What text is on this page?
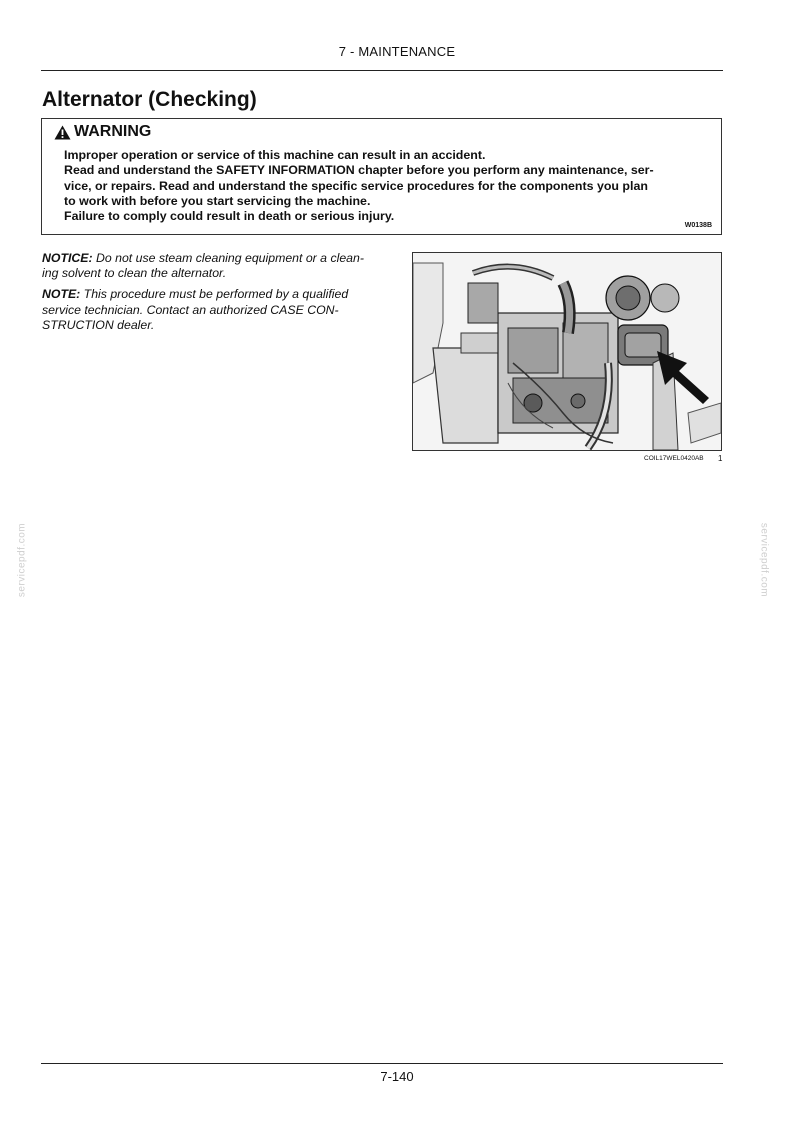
7 - MAINTENANCE
Alternator (Checking)
WARNING
Improper operation or service of this machine can result in an accident.
Read and understand the SAFETY INFORMATION chapter before you perform any maintenance, ser-
vice, or repairs. Read and understand the specific service procedures for the components you plan
to work with before you start servicing the machine.
Failure to comply could result in death or serious injury.
W0138B

NOTICE: Do not use steam cleaning equipment or a clean-
ing solvent to clean the alternator.

NOTE: This procedure must be performed by a qualified
service technician. Contact an authorized CASE CON-
STRUCTION dealer.

COIL17WEL0420AB 1
servicepdf.com	servicepdf.com
7-140
